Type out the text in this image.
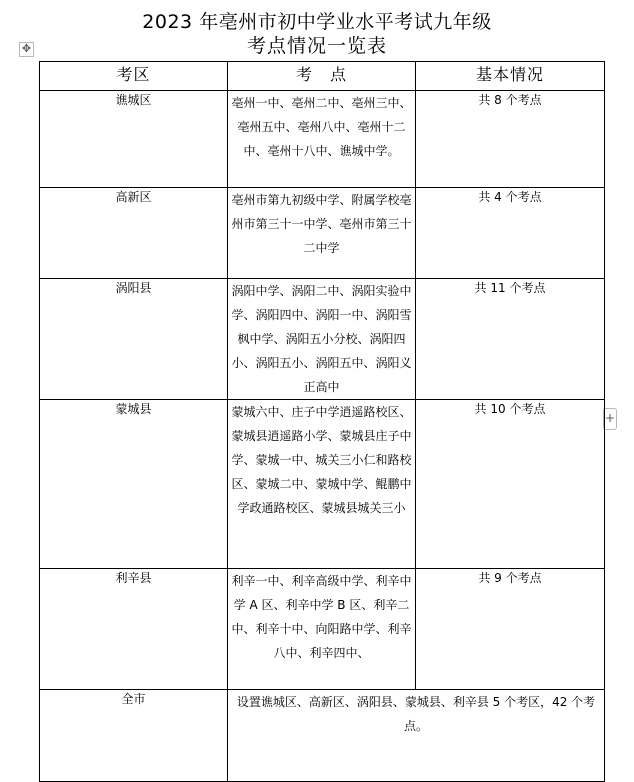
2023 年亳州市初中学业水平考试九年级
考点情况一览表
✥
+
考区	考　点	基本情况
谯城区	亳州一中、亳州二中、亳州三中、亳州五中、亳州八中、亳州十二中、亳州十八中、谯城中学。	共 8 个考点
高新区	亳州市第九初级中学、附属学校亳州市第三十一中学、亳州市第三十二中学	共 4 个考点
涡阳县	涡阳中学、涡阳二中、涡阳实验中学、涡阳四中、涡阳一中、涡阳雪枫中学、涡阳五小分校、涡阳四小、涡阳五小、涡阳五中、涡阳义正高中	共 11 个考点
蒙城县	蒙城六中、庄子中学逍遥路校区、蒙城县逍遥路小学、蒙城县庄子中学、蒙城一中、城关三小仁和路校区、蒙城二中、蒙城中学、鲲鹏中学政通路校区、蒙城县城关三小	共 10 个考点
利辛县	利辛一中、利辛高级中学、利辛中学 A 区、利辛中学 B 区、利辛二中、利辛十中、向阳路中学、利辛八中、利辛四中、	共 9 个考点
全市	设置谯城区、高新区、涡阳县、蒙城县、利辛县 5 个考区，42 个考点。	
